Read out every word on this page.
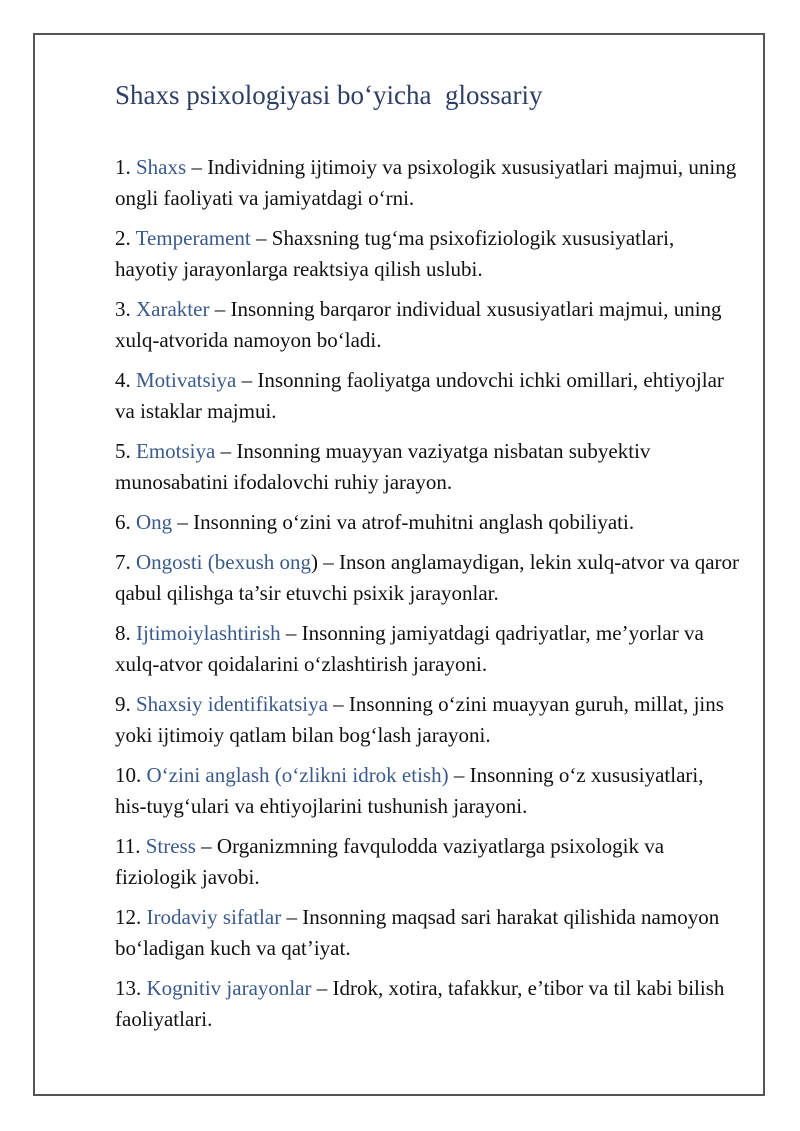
Shaxs psixologiyasi bo‘yicha  glossariy
1. Shaxs – Individning ijtimoiy va psixologik xususiyatlari majmui, uning ongli faoliyati va jamiyatdagi o‘rni.
2. Temperament – Shaxsning tug‘ma psixofiziologik xususiyatlari, hayotiy jarayonlarga reaktsiya qilish uslubi.
3. Xarakter – Insonning barqaror individual xususiyatlari majmui, uning xulq-atvorida namoyon bo‘ladi.
4. Motivatsiya – Insonning faoliyatga undovchi ichki omillari, ehtiyojlar va istaklar majmui.
5. Emotsiya – Insonning muayyan vaziyatga nisbatan subyektiv munosabatini ifodalovchi ruhiy jarayon.
6. Ong – Insonning o‘zini va atrof-muhitni anglash qobiliyati.
7. Ongosti (bexush ong) – Inson anglamaydigan, lekin xulq-atvor va qaror qabul qilishga ta’sir etuvchi psixik jarayonlar.
8. Ijtimoiylashtirish – Insonning jamiyatdagi qadriyatlar, me’yorlar va xulq-atvor qoidalarini o‘zlashtirish jarayoni.
9. Shaxsiy identifikatsiya – Insonning o‘zini muayyan guruh, millat, jins yoki ijtimoiy qatlam bilan bog‘lash jarayoni.
10. O‘zini anglash (o‘zlikni idrok etish) – Insonning o‘z xususiyatlari, his-tuyg‘ulari va ehtiyojlarini tushunish jarayoni.
11. Stress – Organizmning favqulodda vaziyatlarga psixologik va fiziologik javobi.
12. Irodaviy sifatlar – Insonning maqsad sari harakat qilishida namoyon bo‘ladigan kuch va qat’iyat.
13. Kognitiv jarayonlar – Idrok, xotira, tafakkur, e’tibor va til kabi bilish faoliyatlari.
